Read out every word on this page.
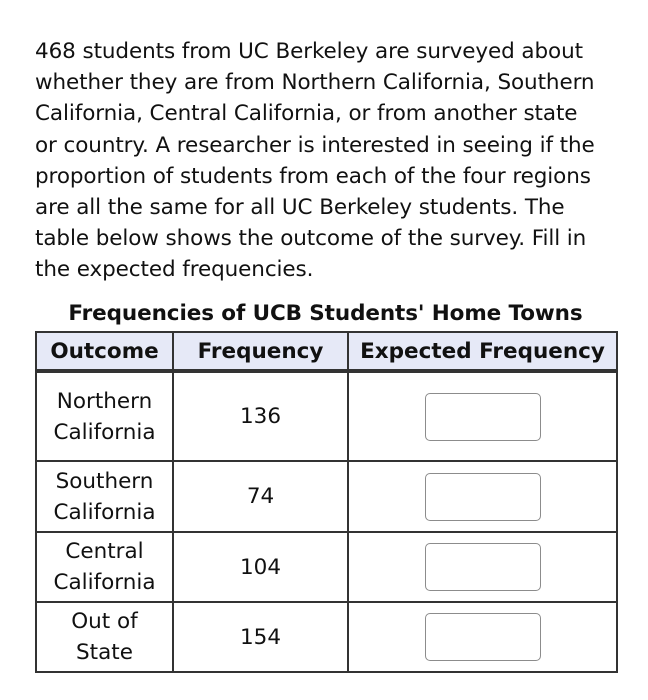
468 students from UC Berkeley are surveyed about
whether they are from Northern California, Southern
California, Central California, or from another state
or country. A researcher is interested in seeing if the
proportion of students from each of the four regions
are all the same for all UC Berkeley students. The
table below shows the outcome of the survey. Fill in
the expected frequencies.
Frequencies of UCB Students' Home Towns
Outcome	Frequency	Expected Frequency

Northern
California	136	

Southern
California	74	

Central
California	104	

Out of
State	154	
